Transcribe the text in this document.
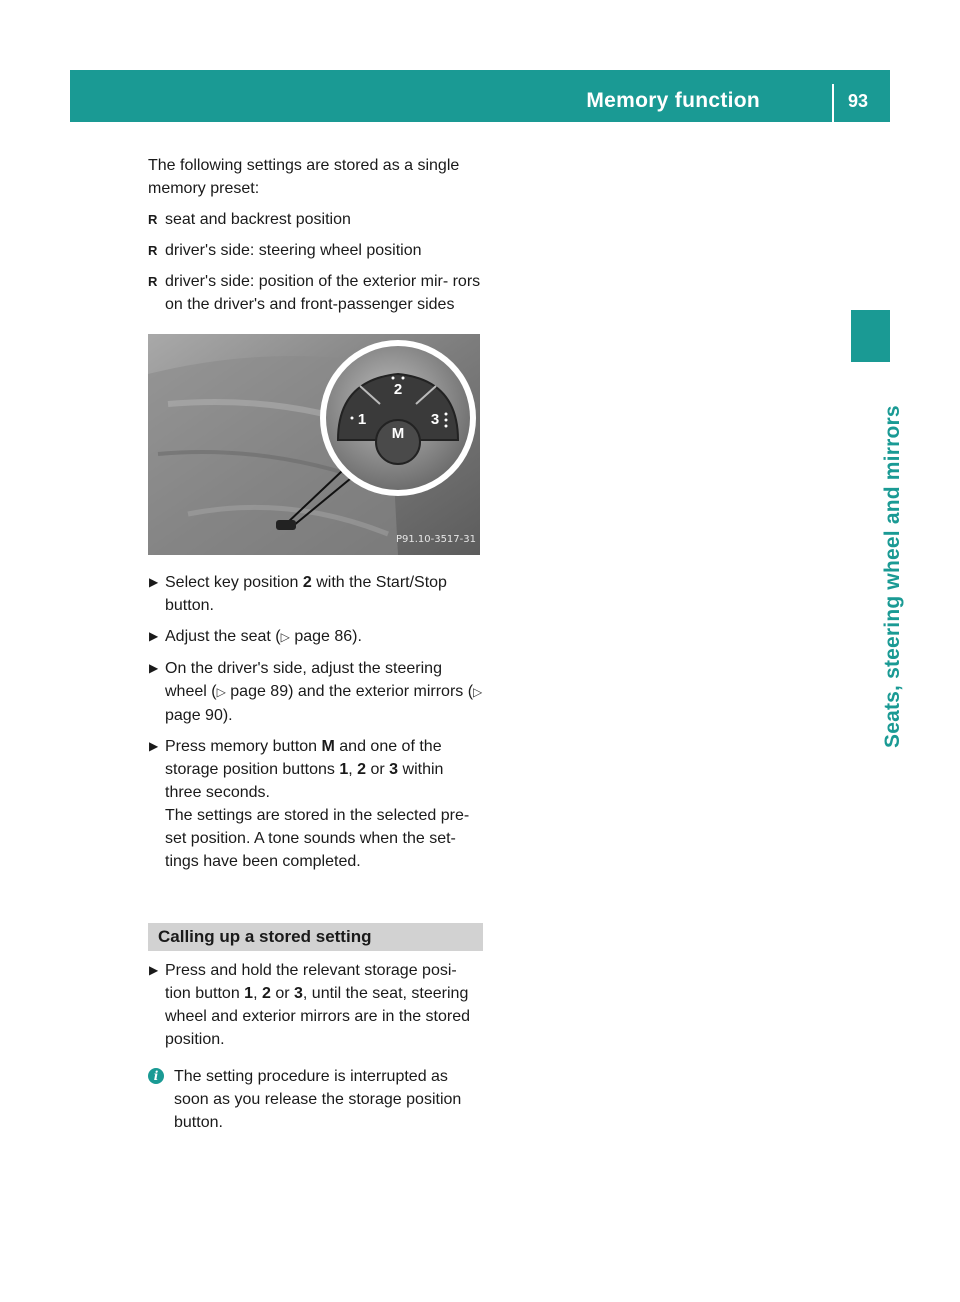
Memory function	93
Seats, steering wheel and mirrors

The following settings are stored as a single memory preset:

R seat and backrest position
R driver's side: steering wheel position
R driver's side: position of the exterior mir- rors on the driver's and front-passenger sides
2
1	3
M
P91.10-3517-31
▶ Select key position 2 with the Start/Stop button.
▶ Adjust the seat (▷ page 86).
▶ On the driver's side, adjust the steering wheel (▷ page 89) and the exterior mirrors (▷ page 90).
▶ Press memory button M and one of the storage position buttons 1, 2 or 3 within three seconds.

The settings are stored in the selected pre- set position. A tone sounds when the set- tings have been completed.

Calling up a stored setting
▶ Press and hold the relevant storage posi- tion button 1, 2 or 3, until the seat, steering wheel and exterior mirrors are in the stored position.
i The setting procedure is interrupted as soon as you release the storage position button.
